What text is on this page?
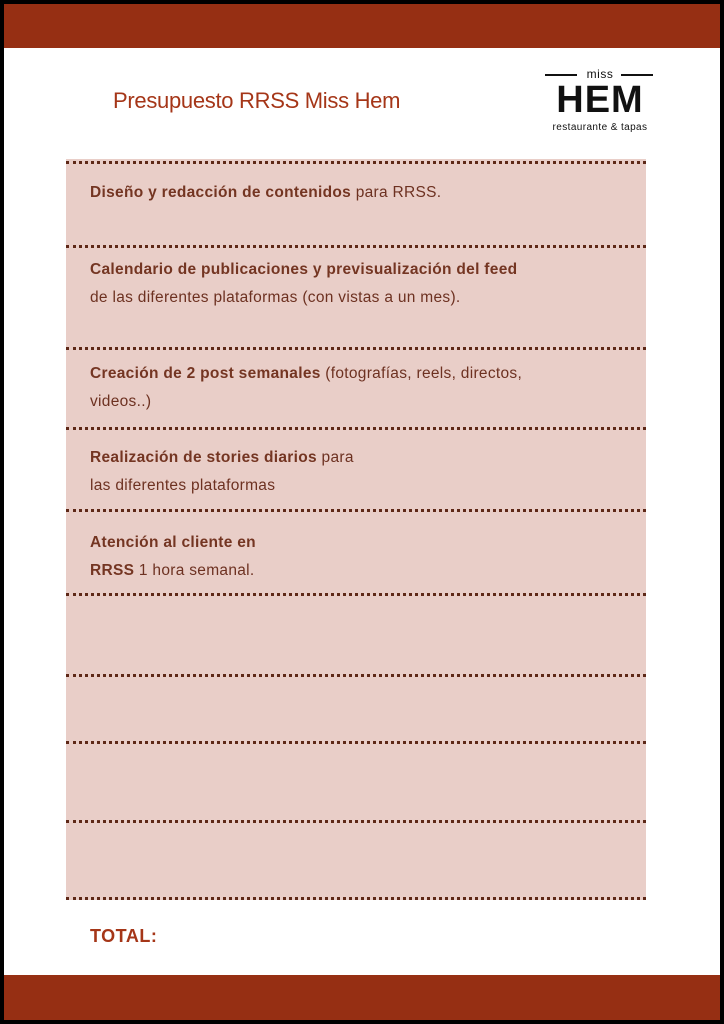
Presupuesto RRSS Miss Hem
miss
HEM
restaurante & tapas
Diseño y redacción de contenidos para RRSS.
Calendario de publicaciones y previsualización del feed de las diferentes plataformas (con vistas a un mes).
Creación de 2 post semanales (fotografías, reels, directos, videos..)
Realización de stories diarios para las diferentes plataformas
Atención al cliente en RRSS 1 hora semanal.
TOTAL:
